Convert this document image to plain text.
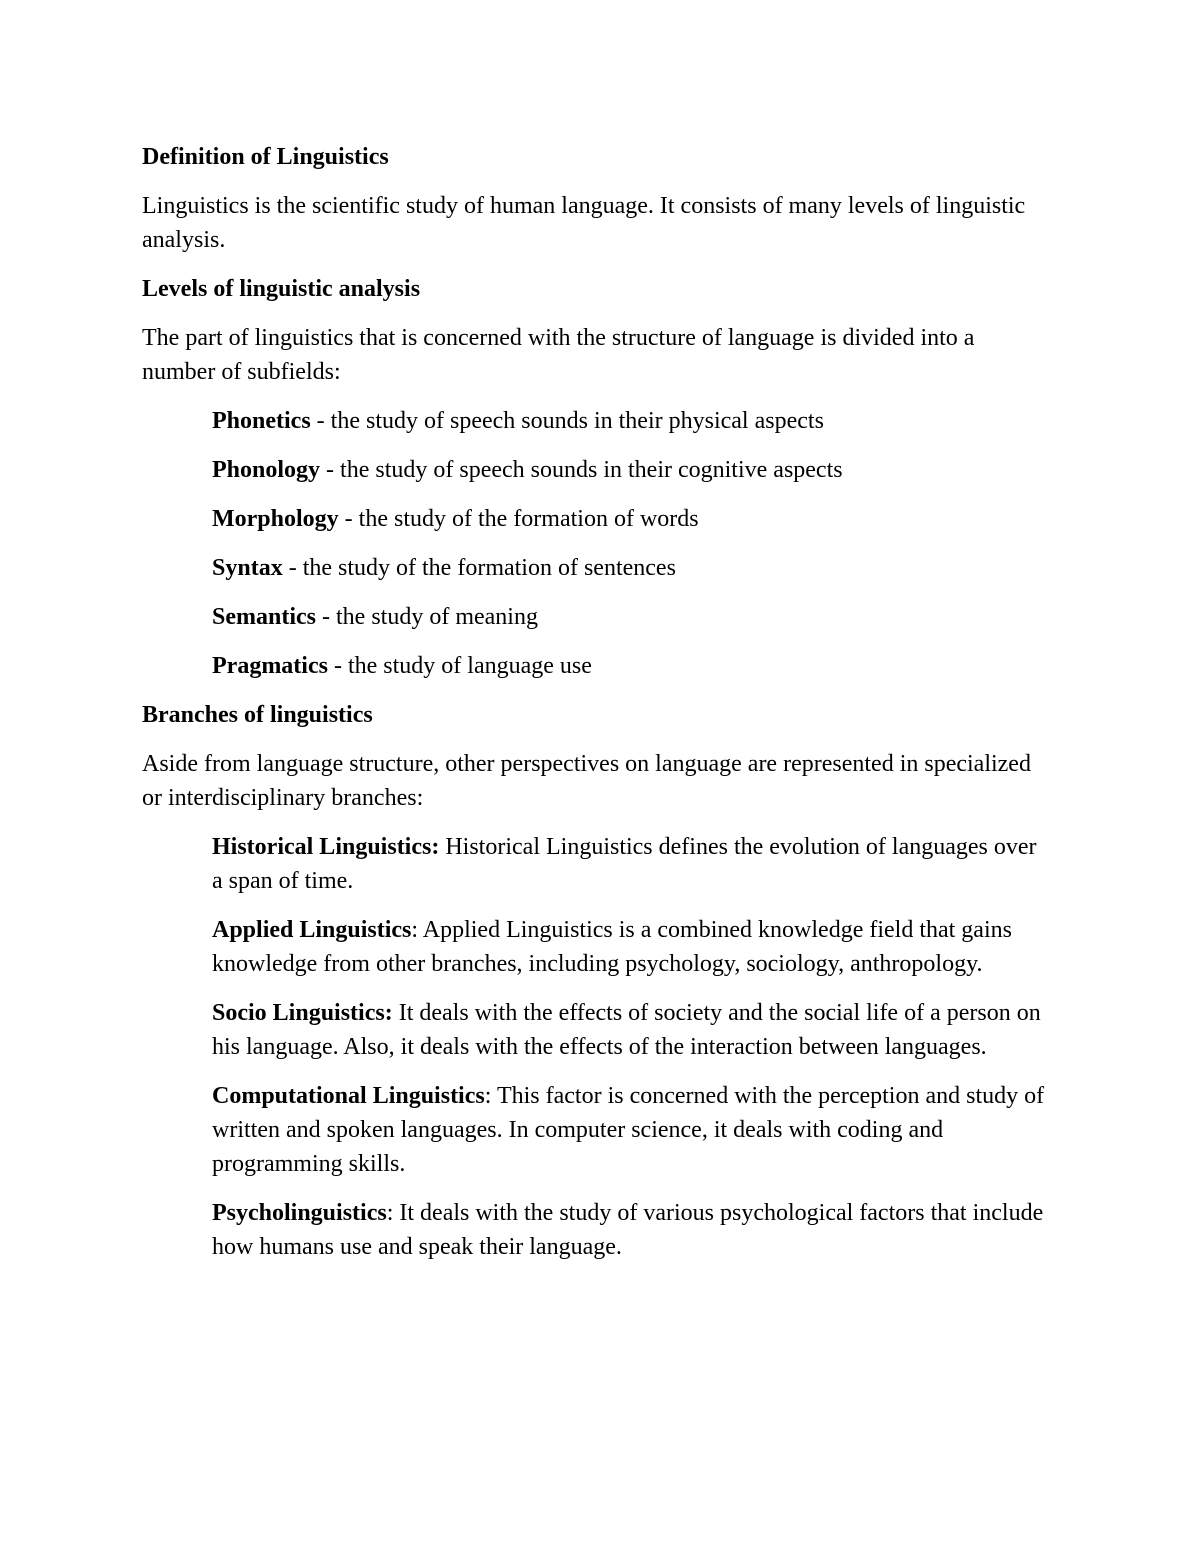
Definition of Linguistics
Linguistics is the scientific study of human language. It consists of many levels of linguistic analysis.
Levels of linguistic analysis
The part of linguistics that is concerned with the structure of language is divided into a number of subfields:
Phonetics - the study of speech sounds in their physical aspects
Phonology - the study of speech sounds in their cognitive aspects
Morphology - the study of the formation of words
Syntax - the study of the formation of sentences
Semantics - the study of meaning
Pragmatics - the study of language use
Branches of linguistics
Aside from language structure, other perspectives on language are represented in specialized or interdisciplinary branches:
Historical Linguistics: Historical Linguistics defines the evolution of languages over a span of time.
Applied Linguistics: Applied Linguistics is a combined knowledge field that gains knowledge from other branches, including psychology, sociology, anthropology.
Socio Linguistics: It deals with the effects of society and the social life of a person on his language. Also, it deals with the effects of the interaction between languages.
Computational Linguistics: This factor is concerned with the perception and study of written and spoken languages. In computer science, it deals with coding and programming skills.
Psycholinguistics: It deals with the study of various psychological factors that include how humans use and speak their language.
